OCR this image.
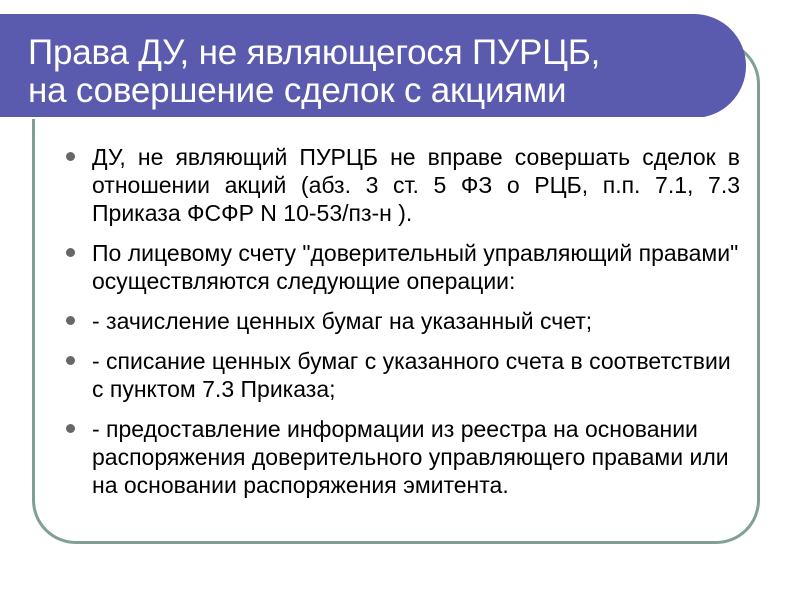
Права ДУ, не являющегося ПУРЦБ,
на совершение сделок с акциями
ДУ, не являющий ПУРЦБ не вправе совершать сделок в отношении акций (абз. 3 ст. 5 ФЗ о РЦБ, п.п. 7.1, 7.3 Приказа ФСФР N 10-53/пз-н ).
По лицевому счету "доверительный управляющий правами" осуществляются следующие операции:
- зачисление ценных бумаг на указанный счет;
- списание ценных бумаг с указанного счета в соответствии с пунктом 7.3 Приказа;
- предоставление информации из реестра на основании распоряжения доверительного управляющего правами или на основании распоряжения эмитента.
